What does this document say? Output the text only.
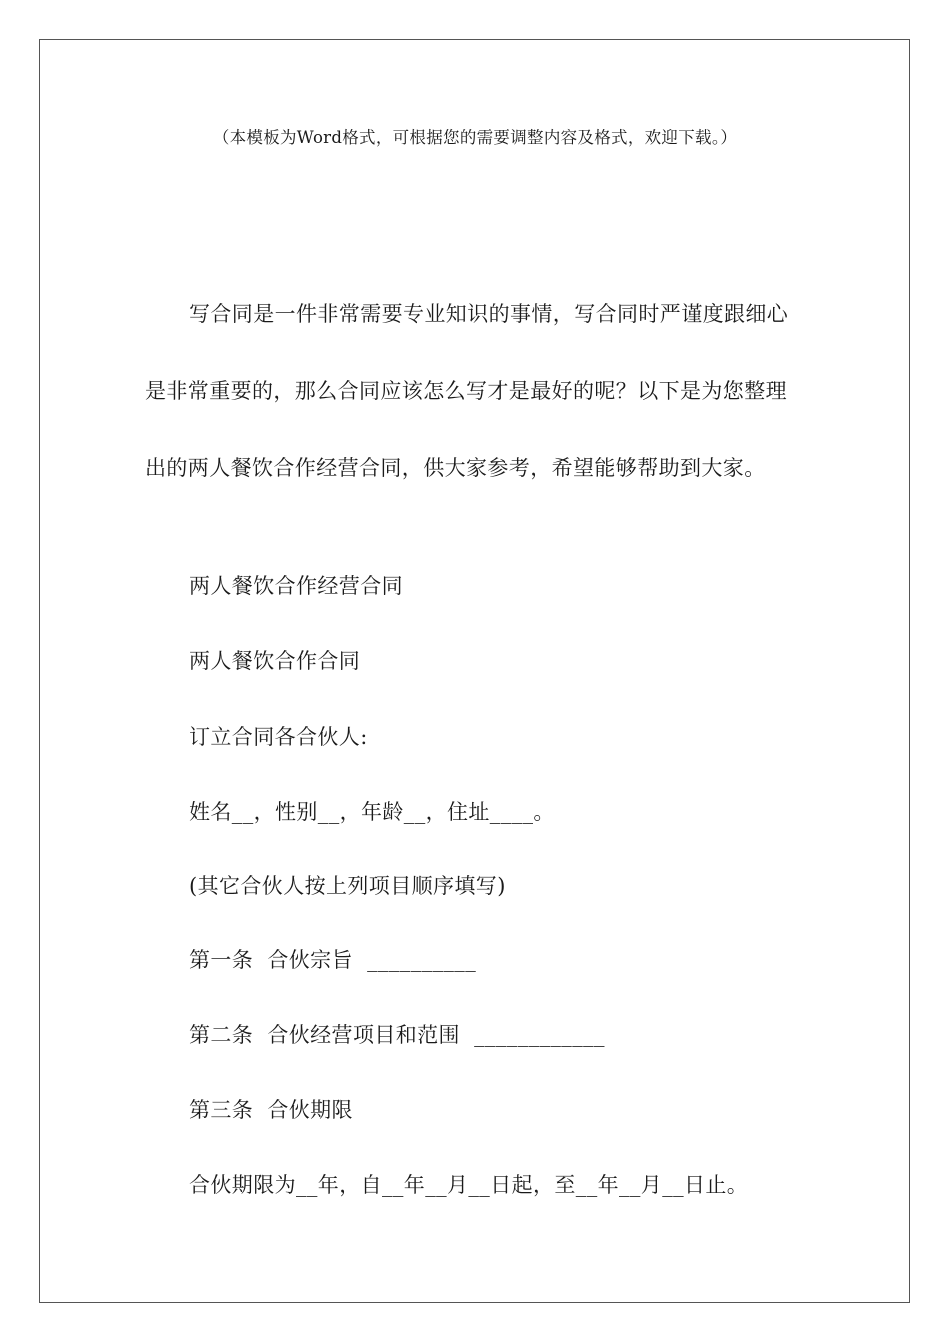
（本模板为Word格式，可根据您的需要调整内容及格式，欢迎下载。）

写合同是一件非常需要专业知识的事情，写合同时严谨度跟细心是非常重要的，那么合同应该怎么写才是最好的呢？以下是为您整理出的两人餐饮合作经营合同，供大家参考，希望能够帮助到大家。

两人餐饮合作经营合同
两人餐饮合作合同
订立合同各合伙人:
姓名__，性别__，年龄__，住址____。
(其它合伙人按上列项目顺序填写)
第一条  合伙宗旨  __________
第二条  合伙经营项目和范围  ____________
第三条  合伙期限
合伙期限为__年，自__年__月__日起，至__年__月__日止。
